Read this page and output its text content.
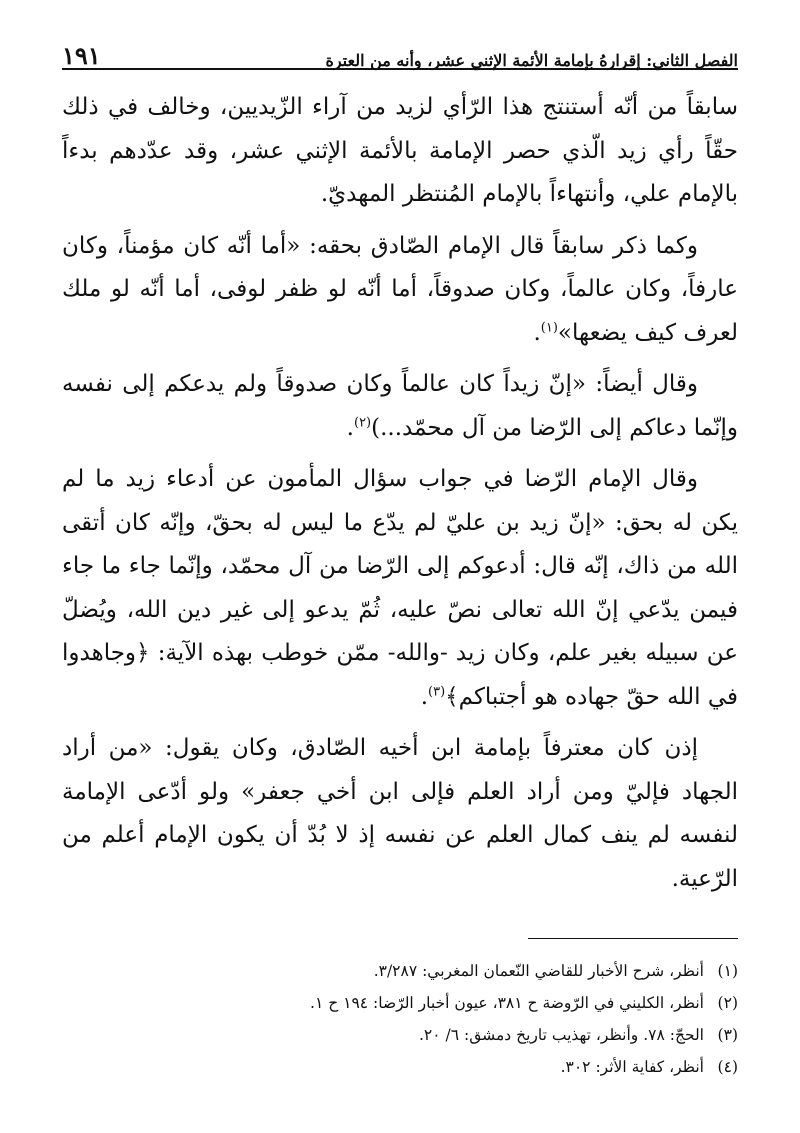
الفصل الثاني: إقرارهُ بإمامة الأئمة الإثني عشر، وأنه من العترة
١٩١

سابقاً من أنّه أستنتج هذا الرّأي لزيد من آراء الزّيديين، وخالف في ذلك حقّاً رأي زيد الّذي حصر الإمامة بالأئمة الإثني عشر، وقد عدّدهم بدءاً بالإمام علي، وأنتهاءاً بالإمام المُنتظر المهديّ.

وكما ذكر سابقاً قال الإمام الصّادق بحقه: «أما أنّه كان مؤمناً، وكان عارفاً، وكان عالماً، وكان صدوقاً، أما أنّه لو ظفر لوفى، أما أنّه لو ملك لعرف كيف يضعها»$^{(١)}$.

وقال أيضاً: «إنّ زيداً كان عالماً وكان صدوقاً ولم يدعكم إلى نفسه وإنّما دعاكم إلى الرّضا من آل محمّد...)$^{(٢)}$.

وقال الإمام الرّضا في جواب سؤال المأمون عن أدعاء زيد ما لم يكن له بحق: «إنّ زيد بن عليّ لم يدّع ما ليس له بحقّ، وإنّه كان أتقى الله من ذاك، إنّه قال: أدعوكم إلى الرّضا من آل محمّد، وإنّما جاء ما جاء فيمن يدّعي إنّ الله تعالى نصّ عليه، ثُمّ يدعو إلى غير دين الله، ويُضلّ عن سبيله بغير علم، وكان زيد -والله- ممّن خوطب بهذه الآية: ﴿وجاهدوا في الله حقّ جهاده هو أجتباكم﴾$^{(٣)}$.

إذن كان معترفاً بإمامة ابن أخيه الصّادق، وكان يقول: «من أراد الجهاد فإليّ ومن أراد العلم فإلى ابن أخي جعفر» ولو أدّعى الإمامة لنفسه لم ينف كمال العلم عن نفسه إذ لا بُدّ أن يكون الإمام أعلم من الرّعية.

(١)
أنظر، شرح الأخبار للقاضي النّعمان المغربي: ٣/٢٨٧.
(٢)
أنظر، الكليني في الرّوضة ح ٣٨١، عيون أخبار الرّضا: ١٩٤ ح ١.
(٣)
الحجّ: ٧٨. وأنظر، تهذيب تاريخ دمشق: ٦/ ٢٠.
(٤)
أنظر، كفاية الأثر: ٣٠٢.
